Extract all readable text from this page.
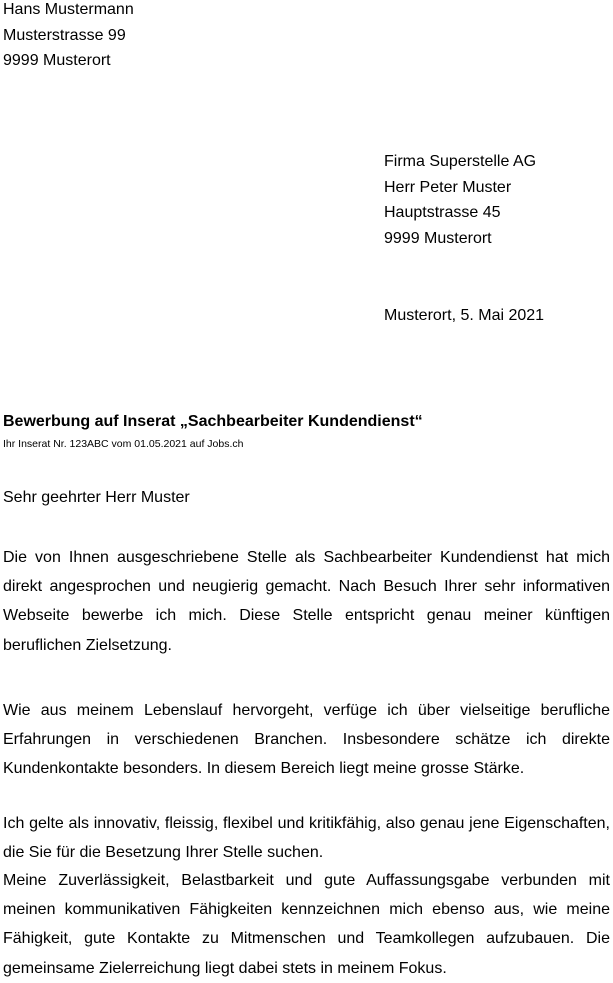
Hans Mustermann
Musterstrasse 99
9999 Musterort
Firma Superstelle AG
Herr Peter Muster
Hauptstrasse 45
9999 Musterort
Musterort, 5. Mai 2021
Bewerbung auf Inserat „Sachbearbeiter Kundendienst“
Ihr Inserat Nr. 123ABC vom 01.05.2021 auf Jobs.ch
Sehr geehrter Herr Muster
Die von Ihnen ausgeschriebene Stelle als Sachbearbeiter Kundendienst hat mich direkt angesprochen und neugierig gemacht. Nach Besuch Ihrer sehr informativen Webseite bewerbe ich mich. Diese Stelle entspricht genau meiner künftigen beruflichen Zielsetzung.
Wie aus meinem Lebenslauf hervorgeht, verfüge ich über vielseitige berufliche Erfahrungen in verschiedenen Branchen. Insbesondere schätze ich direkte Kundenkontakte besonders. In diesem Bereich liegt meine grosse Stärke.
Ich gelte als innovativ, fleissig, flexibel und kritikfähig, also genau jene Eigenschaften, die Sie für die Besetzung Ihrer Stelle suchen.
Meine Zuverlässigkeit, Belastbarkeit und gute Auffassungsgabe verbunden mit meinen kommunikativen Fähigkeiten kennzeichnen mich ebenso aus, wie meine Fähigkeit, gute Kontakte zu Mitmenschen und Teamkollegen aufzubauen. Die gemeinsame Zielerreichung liegt dabei stets in meinem Fokus.
